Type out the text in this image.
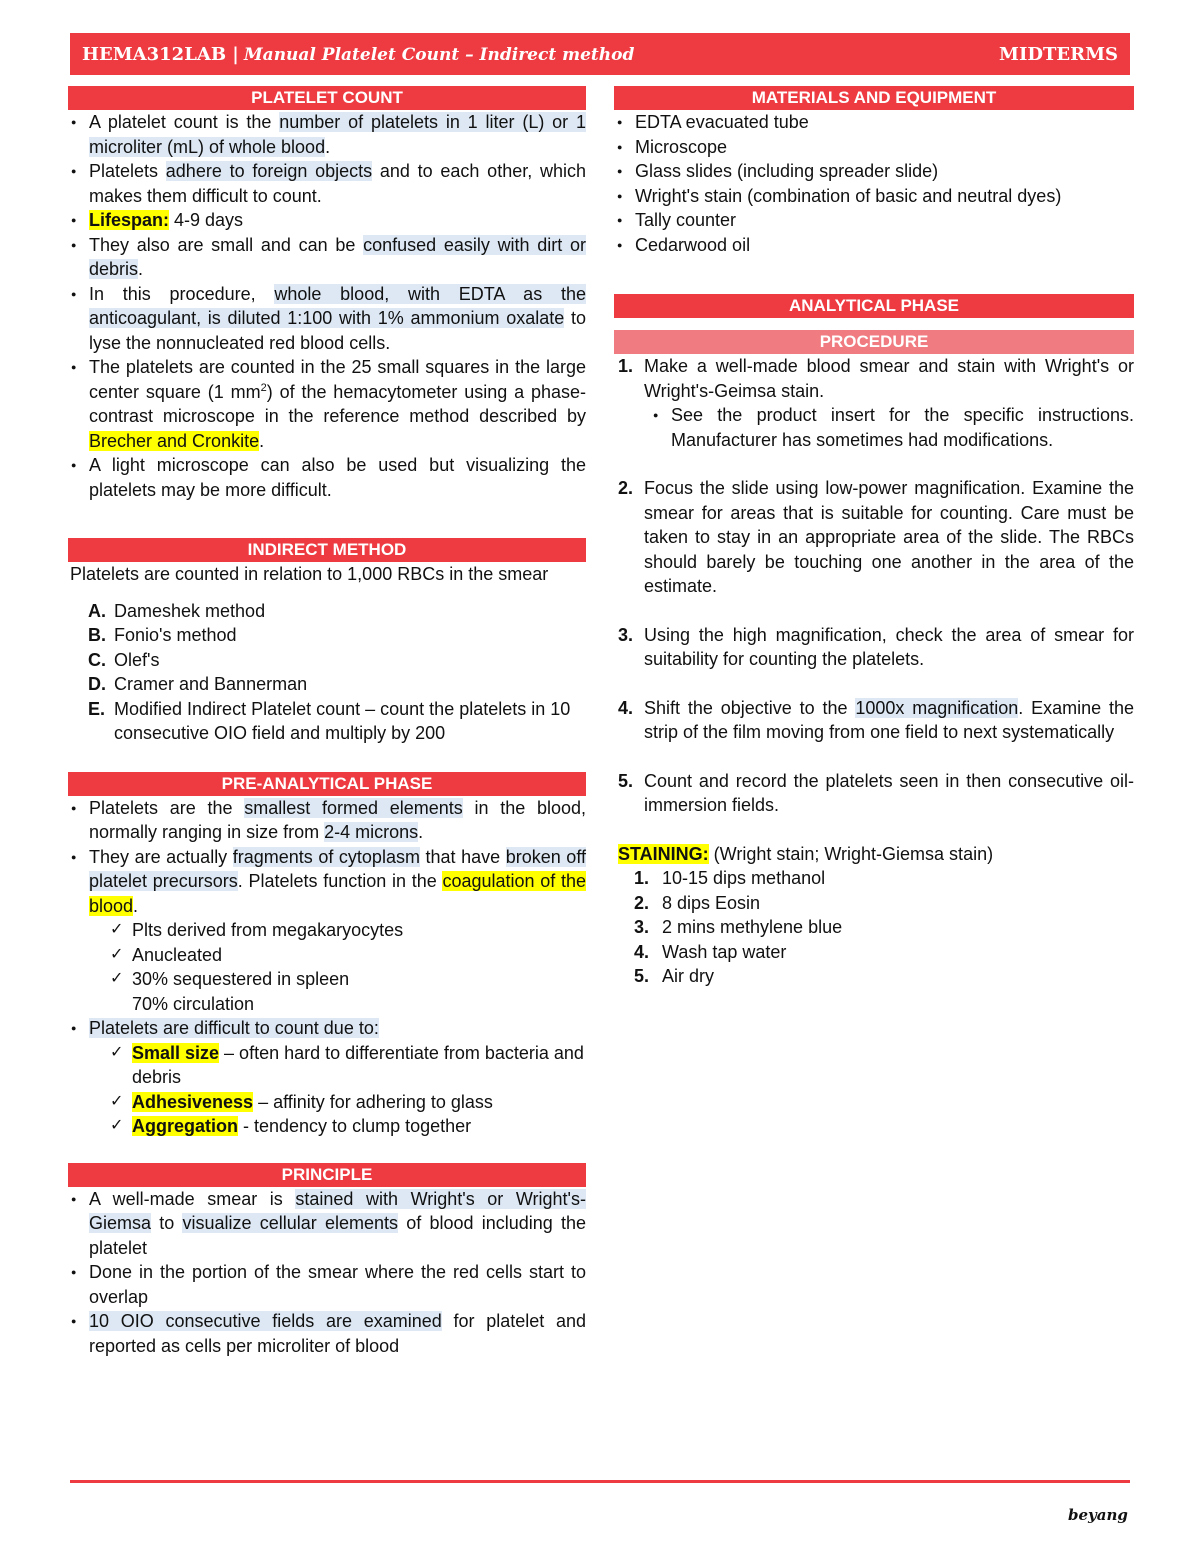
HEMA312LAB | Manual Platelet Count – Indirect method	MIDTERMS
PLATELET COUNT
● A platelet count is the number of platelets in 1 liter (L) or 1 microliter (mL) of whole blood.
● Platelets adhere to foreign objects and to each other, which makes them difficult to count.
● Lifespan: 4-9 days
● They also are small and can be confused easily with dirt or debris.
● In this procedure, whole blood, with EDTA as the anticoagulant, is diluted 1:100 with 1% ammonium oxalate to lyse the nonnucleated red blood cells.
● The platelets are counted in the 25 small squares in the large center square (1 $mm^2$) of the hemacytometer using a phase-contrast microscope in the reference method described by Brecher and Cronkite.
● A light microscope can also be used but visualizing the platelets may be more difficult.
INDIRECT METHOD
Platelets are counted in relation to 1,000 RBCs in the smear
A. Dameshek method
B. Fonio's method
C. Olef's
D. Cramer and Bannerman
E. Modified Indirect Platelet count – count the platelets in 10 consecutive OIO field and multiply by 200
PRE-ANALYTICAL PHASE
● Platelets are the smallest formed elements in the blood, normally ranging in size from 2-4 microns.
● They are actually fragments of cytoplasm that have broken off platelet precursors. Platelets function in the coagulation of the blood.
✓ Plts derived from megakaryocytes
✓ Anucleated
✓ 30% sequestered in spleen
70% circulation
● Platelets are difficult to count due to:
✓ Small size – often hard to differentiate from bacteria and debris
✓ Adhesiveness – affinity for adhering to glass
✓ Aggregation - tendency to clump together
PRINCIPLE
● A well-made smear is stained with Wright's or Wright's-Giemsa to visualize cellular elements of blood including the platelet
● Done in the portion of the smear where the red cells start to overlap
● 10 OIO consecutive fields are examined for platelet and reported as cells per microliter of blood
MATERIALS AND EQUIPMENT
● EDTA evacuated tube
● Microscope
● Glass slides (including spreader slide)
● Wright's stain (combination of basic and neutral dyes)
● Tally counter
● Cedarwood oil
ANALYTICAL PHASE
PROCEDURE
1. Make a well-made blood smear and stain with Wright's or Wright's-Geimsa stain.
● See the product insert for the specific instructions. Manufacturer has sometimes had modifications.
2. Focus the slide using low-power magnification. Examine the smear for areas that is suitable for counting. Care must be taken to stay in an appropriate area of the slide. The RBCs should barely be touching one another in the area of the estimate.
3. Using the high magnification, check the area of smear for suitability for counting the platelets.
4. Shift the objective to the 1000x magnification. Examine the strip of the film moving from one field to next systematically
5. Count and record the platelets seen in then consecutive oil-immersion fields.
STAINING: (Wright stain; Wright-Giemsa stain)
1. 10-15 dips methanol
2. 8 dips Eosin
3. 2 mins methylene blue
4. Wash tap water
5. Air dry
beyang
